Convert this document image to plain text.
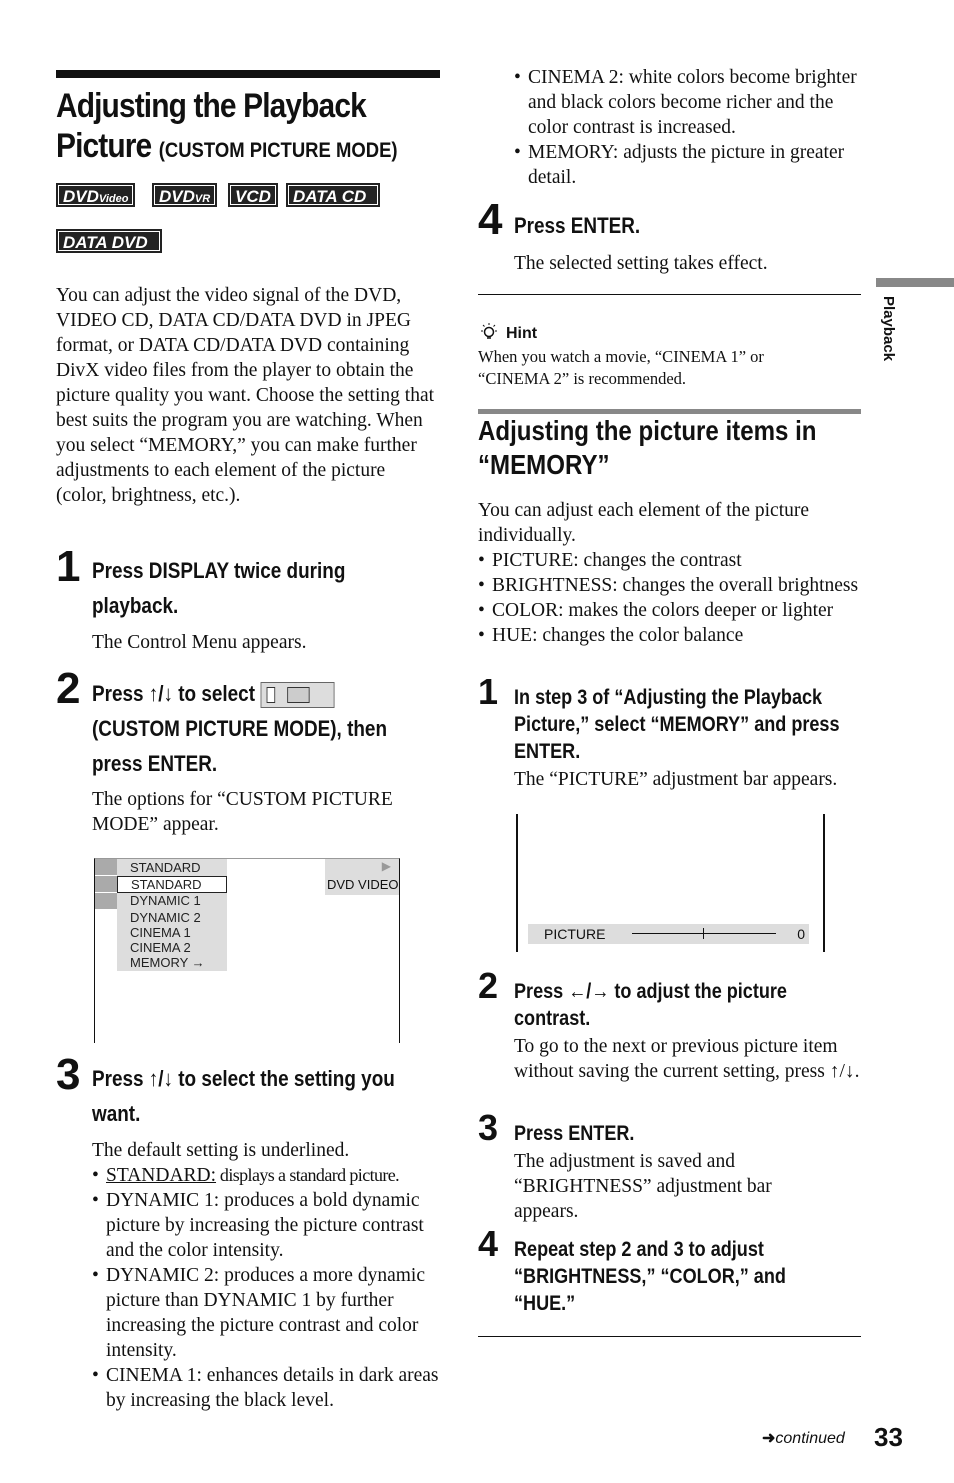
Adjusting the Playback Picture (CUSTOM PICTURE MODE)
DVDVideo	DVDVR	VCD	DATA CD
DATA DVD
You can adjust the video signal of the DVD, VIDEO CD, DATA CD/DATA DVD in JPEG format, or DATA CD/DATA DVD containing DivX video files from the player to obtain the picture quality you want. Choose the setting that best suits the program you are watching. When you select “MEMORY,” you can make further adjustments to each element of the picture (color, brightness, etc.).
1 Press DISPLAY twice during playback.
The Control Menu appears.
2 Press ↑/↓ to select
(CUSTOM PICTURE MODE), then press ENTER.
The options for “CUSTOM PICTURE MODE” appear.
STANDARD
STANDARD
DYNAMIC 1
DYNAMIC 2
CINEMA 1
CINEMA 2
MEMORY →
▶
DVD VIDEO
3 Press ↑/↓ to select the setting you want.
The default setting is underlined.
• STANDARD: displays a standard picture.
• DYNAMIC 1: produces a bold dynamic picture by increasing the picture contrast and the color intensity.
• DYNAMIC 2: produces a more dynamic picture than DYNAMIC 1 by further increasing the picture contrast and color intensity.
• CINEMA 1: enhances details in dark areas by increasing the black level.
• CINEMA 2: white colors become brighter and black colors become richer and the color contrast is increased.
• MEMORY: adjusts the picture in greater detail.
4 Press ENTER.
The selected setting takes effect.
Hint
When you watch a movie, “CINEMA 1” or “CINEMA 2” is recommended.
Adjusting the picture items in “MEMORY”
You can adjust each element of the picture individually.
• PICTURE: changes the contrast
• BRIGHTNESS: changes the overall brightness
• COLOR: makes the colors deeper or lighter
• HUE: changes the color balance
1 In step 3 of “Adjusting the Playback Picture,” select “MEMORY” and press ENTER.
The “PICTURE” adjustment bar appears.
PICTURE	0
2 Press ←/→ to adjust the picture contrast.
To go to the next or previous picture item without saving the current setting, press ↑/↓.
3 Press ENTER.
The adjustment is saved and “BRIGHTNESS” adjustment bar appears.
4 Repeat step 2 and 3 to adjust “BRIGHTNESS,” “COLOR,” and “HUE.”
Playback
➜continued 33
